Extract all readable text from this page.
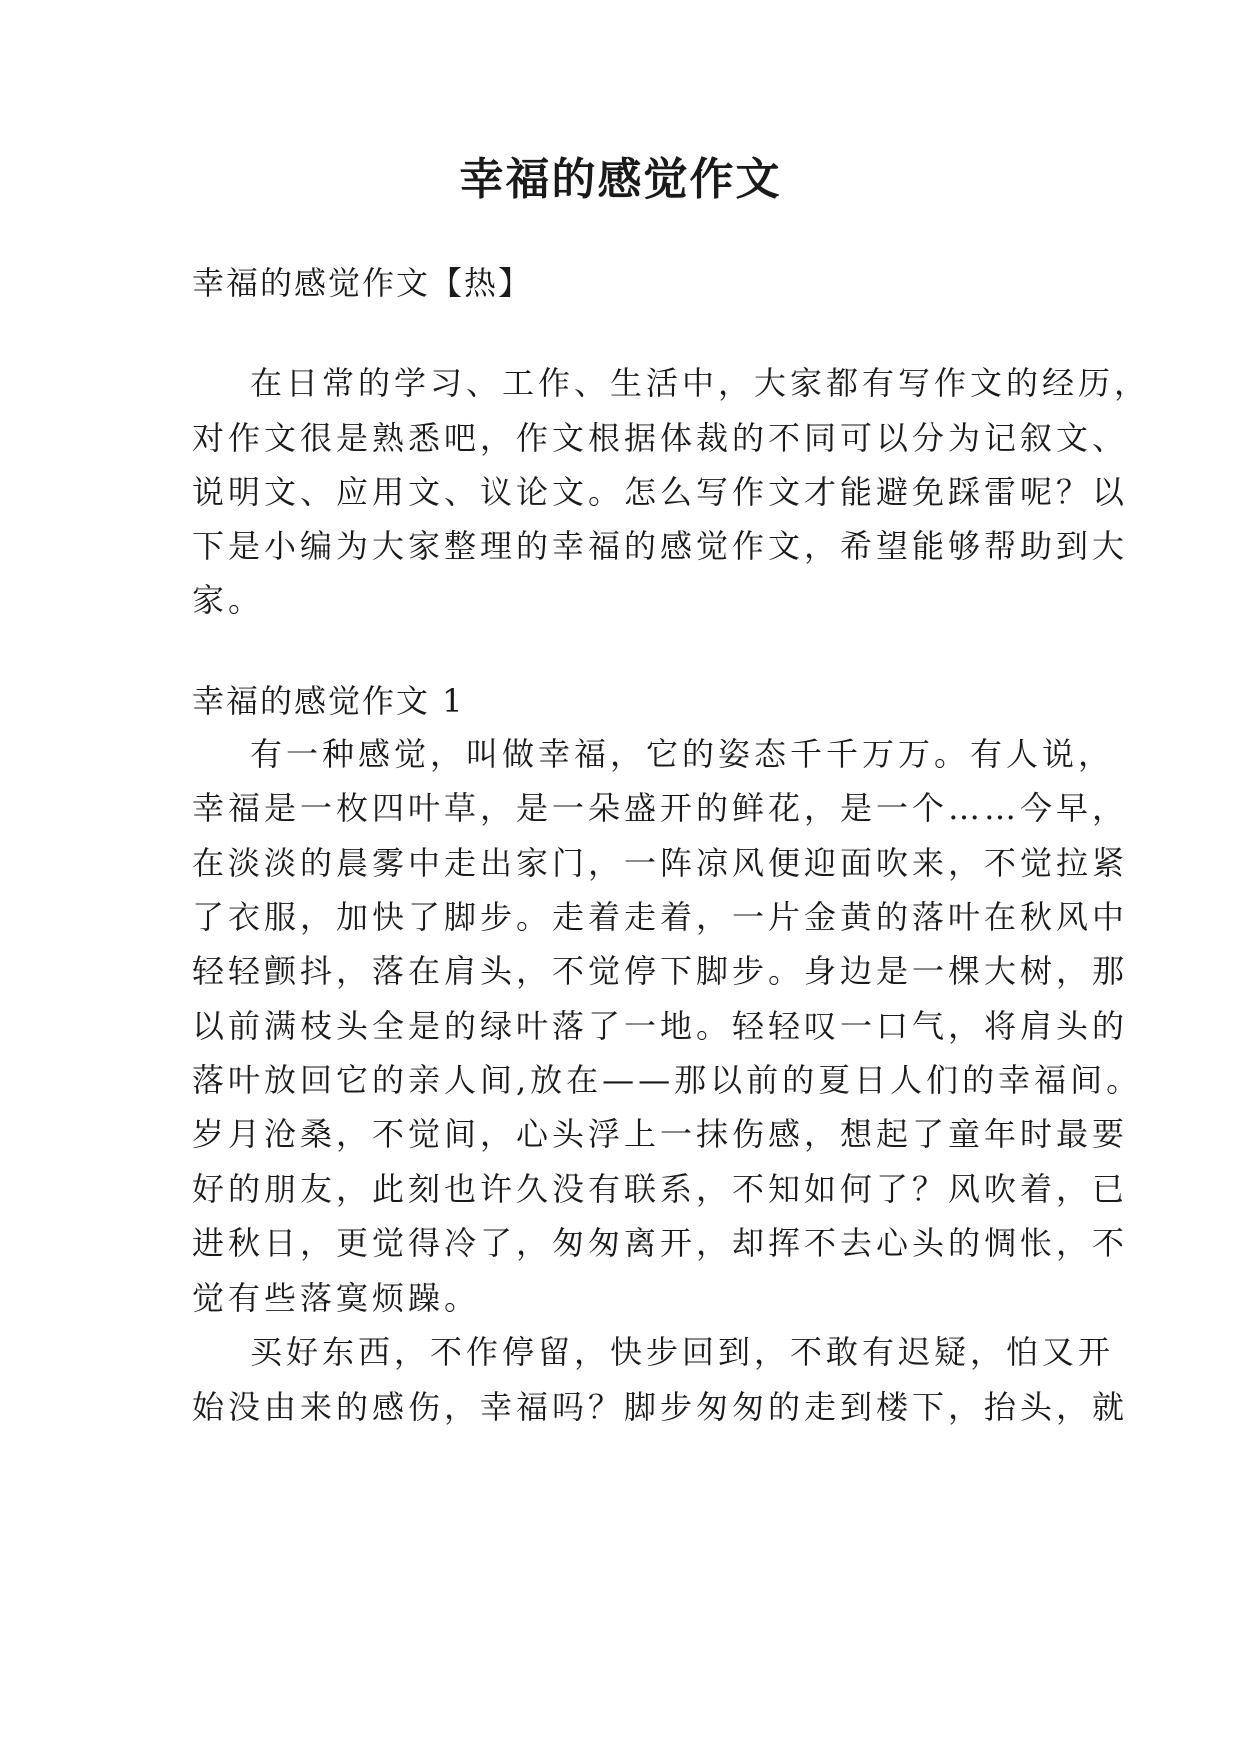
幸福的感觉作文
幸福的感觉作文【热】
在日常的学习、工作、生活中，大家都有写作文的经历，
对作文很是熟悉吧，作文根据体裁的不同可以分为记叙文、
说明文、应用文、议论文。怎么写作文才能避免踩雷呢？以
下是小编为大家整理的幸福的感觉作文，希望能够帮助到大
家。
幸福的感觉作文 1
有一种感觉，叫做幸福，它的姿态千千万万。有人说，
幸福是一枚四叶草，是一朵盛开的鲜花，是一个……今早，
在淡淡的晨雾中走出家门，一阵凉风便迎面吹来，不觉拉紧
了衣服，加快了脚步。走着走着，一片金黄的落叶在秋风中
轻轻颤抖，落在肩头，不觉停下脚步。身边是一棵大树，那
以前满枝头全是的绿叶落了一地。轻轻叹一口气，将肩头的
落叶放回它的亲人间,放在——那以前的夏日人们的幸福间。
岁月沧桑，不觉间，心头浮上一抹伤感，想起了童年时最要
好的朋友，此刻也许久没有联系，不知如何了？风吹着，已
进秋日，更觉得冷了，匆匆离开，却挥不去心头的惆怅，不
觉有些落寞烦躁。
买好东西，不作停留，快步回到，不敢有迟疑，怕又开
始没由来的感伤，幸福吗？脚步匆匆的走到楼下，抬头，就
